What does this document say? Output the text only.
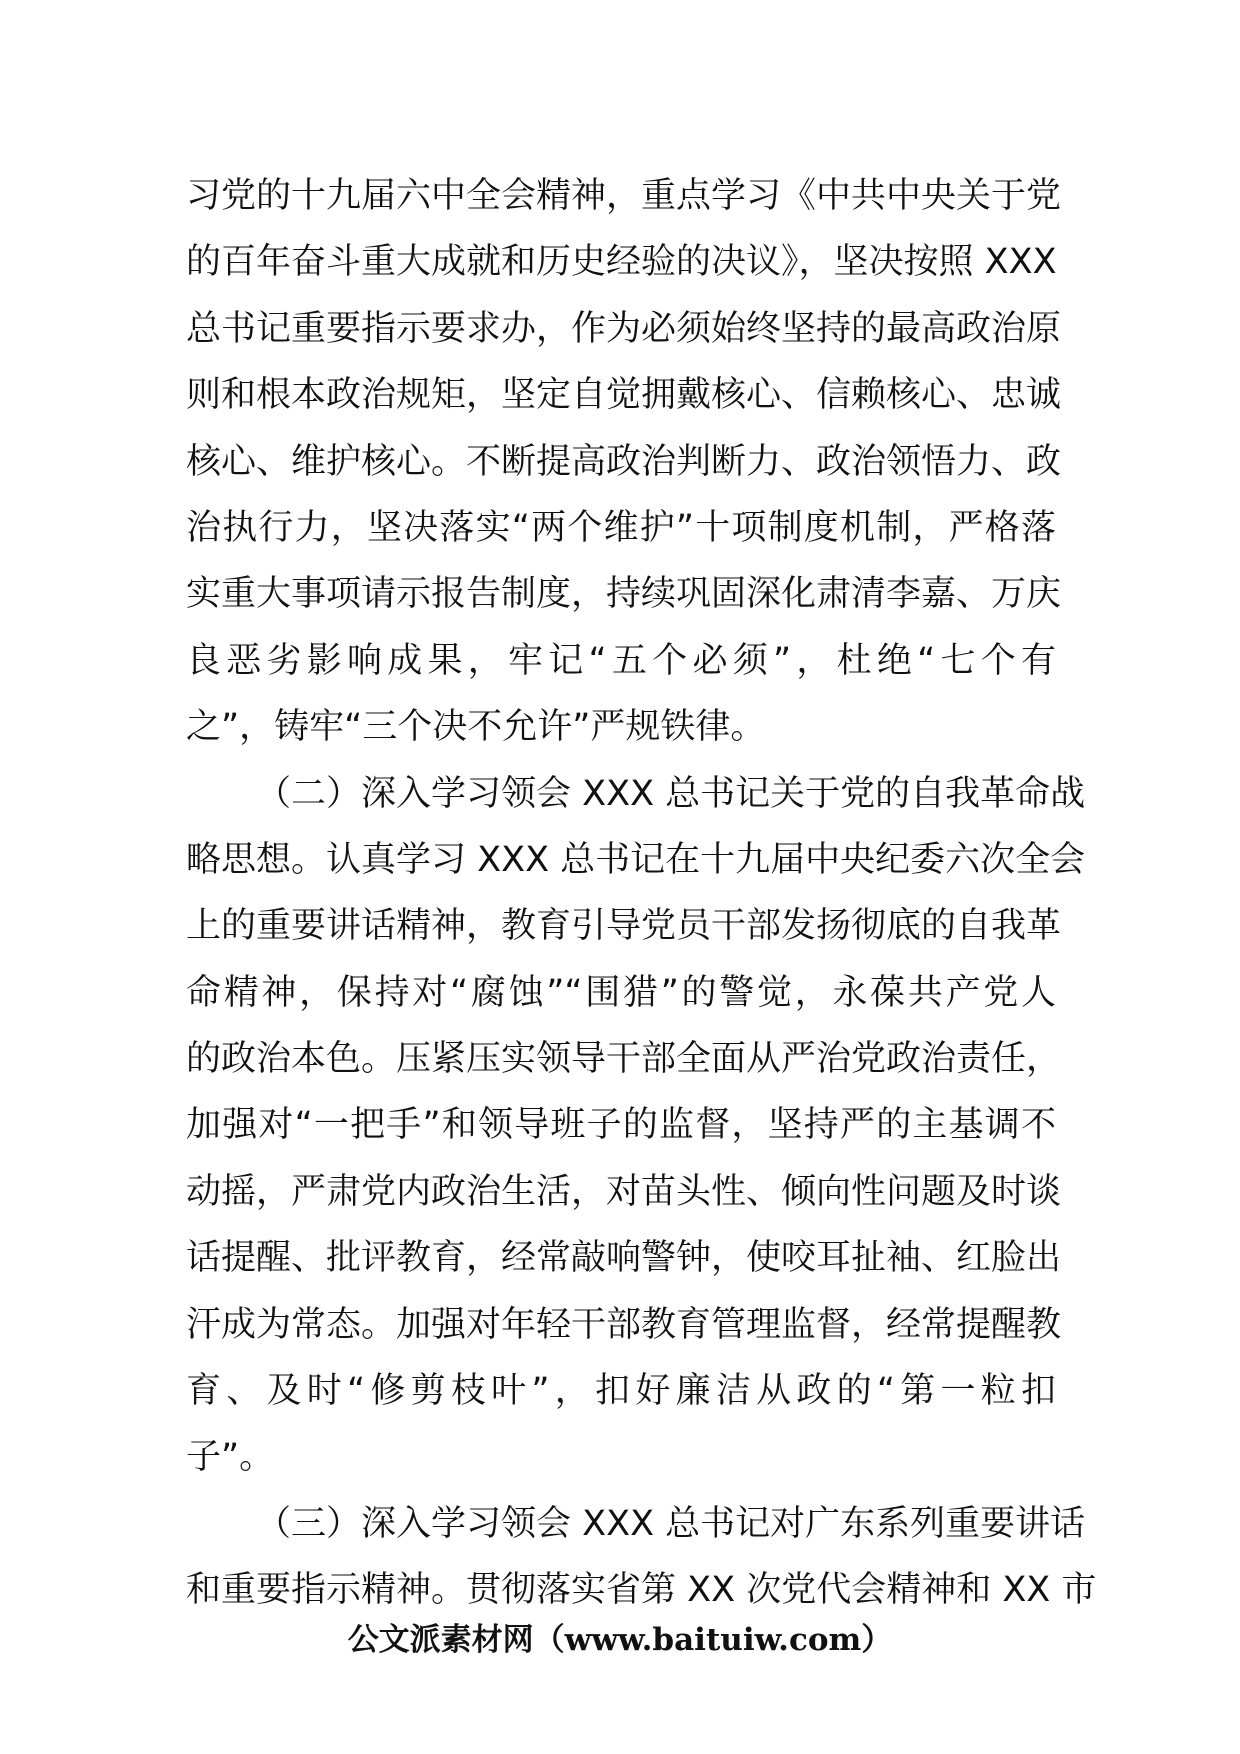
习党的十九届六中全会精神，重点学习《中共中央关于党
的百年奋斗重大成就和历史经验的决议》，坚决按照 XXX
总书记重要指示要求办，作为必须始终坚持的最高政治原
则和根本政治规矩，坚定自觉拥戴核心、信赖核心、忠诚
核心、维护核心。不断提高政治判断力、政治领悟力、政
治执行力，坚决落实“两个维护”十项制度机制，严格落
实重大事项请示报告制度，持续巩固深化肃清李嘉、万庆
良恶劣影响成果，牢记“五个必须”，杜绝“七个有
之”，铸牢“三个决不允许”严规铁律。
（二）深入学习领会 XXX 总书记关于党的自我革命战
略思想。认真学习 XXX 总书记在十九届中央纪委六次全会
上的重要讲话精神，教育引导党员干部发扬彻底的自我革
命精神，保持对“腐蚀”“围猎”的警觉，永葆共产党人
的政治本色。压紧压实领导干部全面从严治党政治责任，
加强对“一把手”和领导班子的监督，坚持严的主基调不
动摇，严肃党内政治生活，对苗头性、倾向性问题及时谈
话提醒、批评教育，经常敲响警钟，使咬耳扯袖、红脸出
汗成为常态。加强对年轻干部教育管理监督，经常提醒教
育、及时“修剪枝叶”，扣好廉洁从政的“第一粒扣
子”。
（三）深入学习领会 XXX 总书记对广东系列重要讲话
和重要指示精神。贯彻落实省第 XX 次党代会精神和 XX 市
公文派素材网（www.baituiw.com）
